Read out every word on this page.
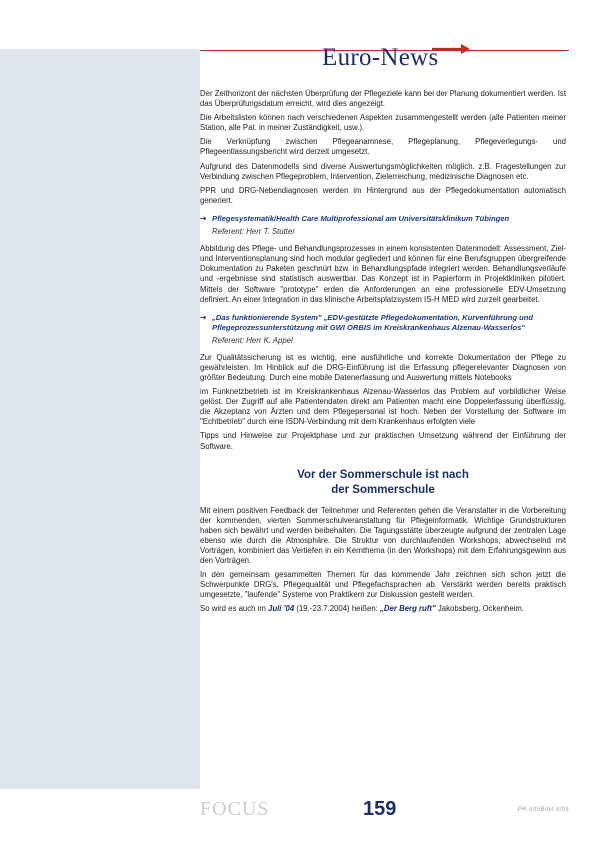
Euro-News

Der Zeithorizont der nächsten Überprüfung der Pflegeziele kann bei der Planung dokumentiert werden. Ist das Überprüfungsdatum erreicht, wird dies angezeigt.

Die Arbeitslisten können nach verschiedenen Aspekten zusammengestellt werden (alle Patienten meiner Station, alle Pat. in meiner Zuständigkeit, usw.).

Die Verknüpfung zwischen Pflegeanamnese, Pflegeplanung, Pflegeverlegungs- und Pflegeentlassungsbericht wird derzeit umgesetzt.

Aufgrund des Datenmodells sind diverse Auswertungsmöglichkeiten möglich. z.B. Fragestellungen zur Verbindung zwischen Pflegeproblem, Intervention, Zielerreichung, medizinische Diagnosen etc.

PPR und DRG-Nebendiagnosen werden im Hintergrund aus der Pflegedokumentation automatisch generiert.

➔ Pflegesystematik/Health Care Multiprofessional am Universitätsklinikum Tübingen
Referent: Herr T. Stutter

Abbildung des Pflege- und Behandlungsprozesses in einem konsistenten Datenmodell: Assessment, Ziel- und Interventionsplanung sind hoch modular gegliedert und können für eine Berufsgruppen übergreifende Dokumentation zu Paketen geschnürt bzw. in Behandlungspfade integriert werden. Behandlungsverläufe und -ergebnisse sind statistisch auswertbar. Das Konzept ist in Papierform in Projektkliniken pilotiert. Mittels der Software "prototype" erden die Anforderungen an eine professionelle EDV-Umsetzung definiert. An einer Integration in das klinische Arbeitsplatzsystem IS-H MED wird zurzeit gearbeitet.

➔ „Das funktionierende System" „EDV-gestützte Pflegedokumentation, Kurvenführung und Pflegeprozessunterstützung mit GWI ORBIS im Kreiskrankenhaus Alzenau-Wasserlos"
Referent: Herr K. Appel

Zur Qualitätssicherung ist es wichtig, eine ausführliche und korrekte Dokumentation der Pflege zu gewährleisten. Im Hinblick auf die DRG-Einführung ist die Erfassung pflegerelevanter Diagnosen von größter Bedeutung. Durch eine mobile Datenerfassung und Auswertung mittels Notebooks

im Funknetzbetrieb ist im Kreiskrankenhaus Alzenau-Wasserlos das Problem auf vorbildlicher Weise gelöst. Der Zugriff auf alle Patientendaten direkt am Patienten macht eine Doppelerfassung überflüssig, die Akzeptanz von Ärzten und dem Pflegepersonal ist hoch. Neben der Vorstellung der Software im "Echtbetrieb" durch eine ISDN-Verbindung mit dem Krankenhaus erfolgten viele

Tipps und Hinweise zur Projektphase und zur praktischen Umsetzung während der Einführung der Software.

Vor der Sommerschule ist nach
der Sommerschule

Mit einem positiven Feedback der Teilnehmer und Referenten gehen die Veranstalter in die Vorbereitung der kommenden, vierten Sommerschulveranstaltung für Pflegeinformatik. Wichtige Grundstrukturen haben sich bewährt und werden beibehalten. Die Tagungsstätte überzeugte aufgrund der zentralen Lage ebenso wie durch die Atmosphäre. Die Struktur von durchlaufenden Workshops, abwechselnd mit Vorträgen, kombiniert das Vertiefen in ein Kernthema (in den Workshops) mit dem Erfahrungsgewinn aus den Vorträgen.

In den gemeinsam gesammelten Themen für das kommende Jahr zeichnen sich schon jetzt die Schwerpunkte DRG's, Pflegequalität und Pflegefachsprachen ab. Verstärkt werden bereits praktisch umgesetzte, "laufende" Systeme von Praktikern zur Diskussion gestellt werden.

So wird es auch im Juli '04 (19.-23.7.2004) heißen: „Der Berg ruft" Jakobsberg, Ockenheim.

FOCUS	159	PR-InfoBrief 8/03
